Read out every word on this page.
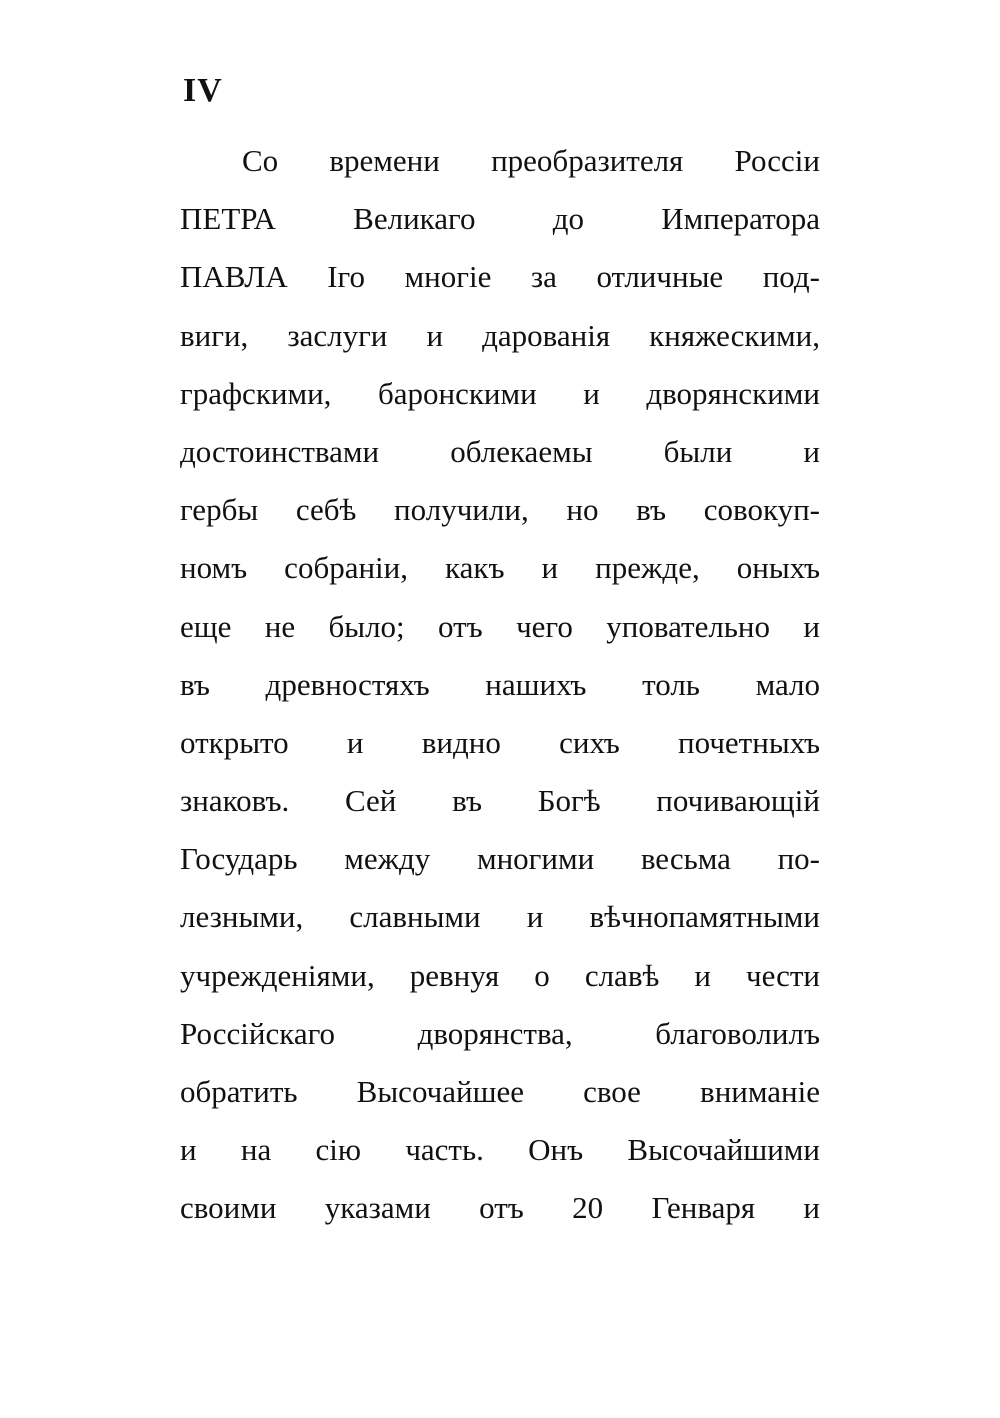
IV
Со времени преобразителя Россіи
ПЕТРА Великаго до Императора
ПАВЛА Iго многіе за отличные под-
виги, заслуги и дарованія княжескими,
графскими, баронскими и дворянскими
достоинствами облекаемы были и
гербы себѣ получили, но въ совокуп-
номъ собраніи, какъ и прежде, оныхъ
еще не было; отъ чего уповательно и
въ древностяхъ нашихъ толь мало
открыто и видно сихъ почетныхъ
знаковъ. Сей въ Богѣ почивающій
Государь между многими весьма по-
лезными, славными и вѣчнопамятными
учрежденіями, ревнуя о славѣ и чести
Россійскаго дворянства, благоволилъ
обратить Высочайшее свое вниманіе
и на сію часть. Онъ Высочайшими
своими указами отъ 20 Генваря и
